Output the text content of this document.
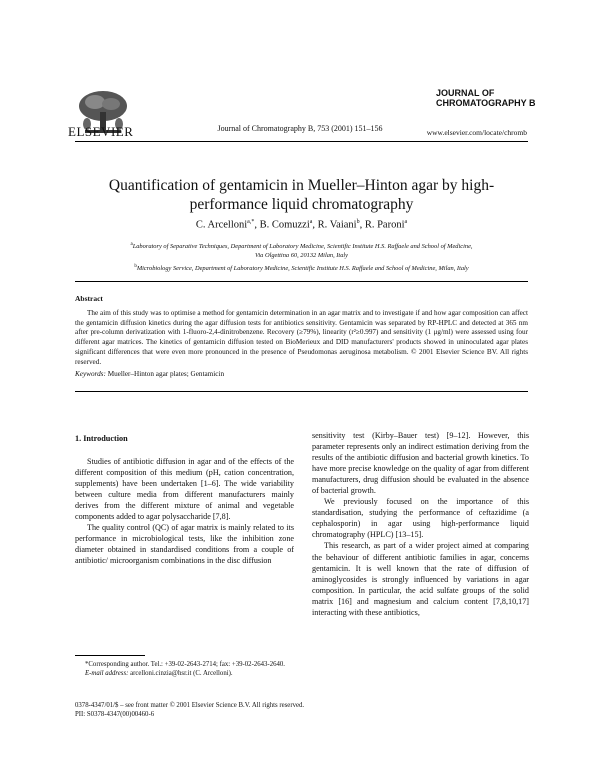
ELSEVIER	Journal of Chromatography B, 753 (2001) 151–156
JOURNAL OF
CHROMATOGRAPHY B
www.elsevier.com/locate/chromb
Quantification of gentamicin in Mueller–Hinton agar by high-
performance liquid chromatography
C. Arcelloni$^{a,*}$, B. Comuzzi$^a$, R. Vaiani$^b$, R. Paroni$^a$
$^a$Laboratory of Separative Techniques, Department of Laboratory Medicine, Scientific Institute H.S. Raffaele and School of Medicine,
Via Olgettina 60, 20132 Milan, Italy
$^b$Microbiology Service, Department of Laboratory Medicine, Scientific Institute H.S. Raffaele and School of Medicine, Milan, Italy
Abstract
The aim of this study was to optimise a method for gentamicin determination in an agar matrix and to investigate if and how agar composition can affect the gentamicin diffusion kinetics during the agar diffusion tests for antibiotics sensitivity. Gentamicin was separated by RP-HPLC and detected at 365 nm after pre-column derivatization with 1-fluoro-2,4-dinitrobenzene. Recovery (≥79%), linearity (r²≥0.997) and sensitivity (1 μg/ml) were assessed using four different agar matrices. The kinetics of gentamicin diffusion tested on BioMerieux and DID manufacturers' products showed in uninoculated agar plates significant differences that were even more pronounced in the presence of Pseudomonas aeruginosa metabolism. © 2001 Elsevier Science BV. All rights reserved.
Keywords: Mueller–Hinton agar plates; Gentamicin
1. Introduction

Studies of antibiotic diffusion in agar and of the effects of the different composition of this medium (pH, cation concentration, supplements) have been undertaken [1–6]. The wide variability between culture media from different manufacturers mainly derives from the different mixture of animal and vegetable components added to agar polysaccharide [7,8].

The quality control (QC) of agar matrix is mainly related to its performance in microbiological tests, like the inhibition zone diameter obtained in standardised conditions from a couple of antibiotic/ microorganism combinations in the disc diffusion

sensitivity test (Kirby–Bauer test) [9–12]. However, this parameter represents only an indirect estimation deriving from the results of the antibiotic diffusion and bacterial growth kinetics. To have more precise knowledge on the quality of agar from different manufacturers, drug diffusion should be evaluated in the absence of bacterial growth.

We previously focused on the importance of this standardisation, studying the performance of ceftazidime (a cephalosporin) in agar using high-performance liquid chromatography (HPLC) [13–15].

This research, as part of a wider project aimed at comparing the behaviour of different antibiotic families in agar, concerns gentamicin. It is well known that the rate of diffusion of aminoglycosides is strongly influenced by variations in agar composition. In particular, the acid sulfate groups of the solid matrix [16] and magnesium and calcium content [7,8,10,17] interacting with these antibiotics,

*Corresponding author. Tel.: +39-02-2643-2714; fax: +39-02-2643-2640.
E-mail address: arcelloni.cinzia@hsr.it (C. Arcelloni).
0378-4347/01/$ – see front matter © 2001 Elsevier Science B.V. All rights reserved.
PII: S0378-4347(00)00460-6
